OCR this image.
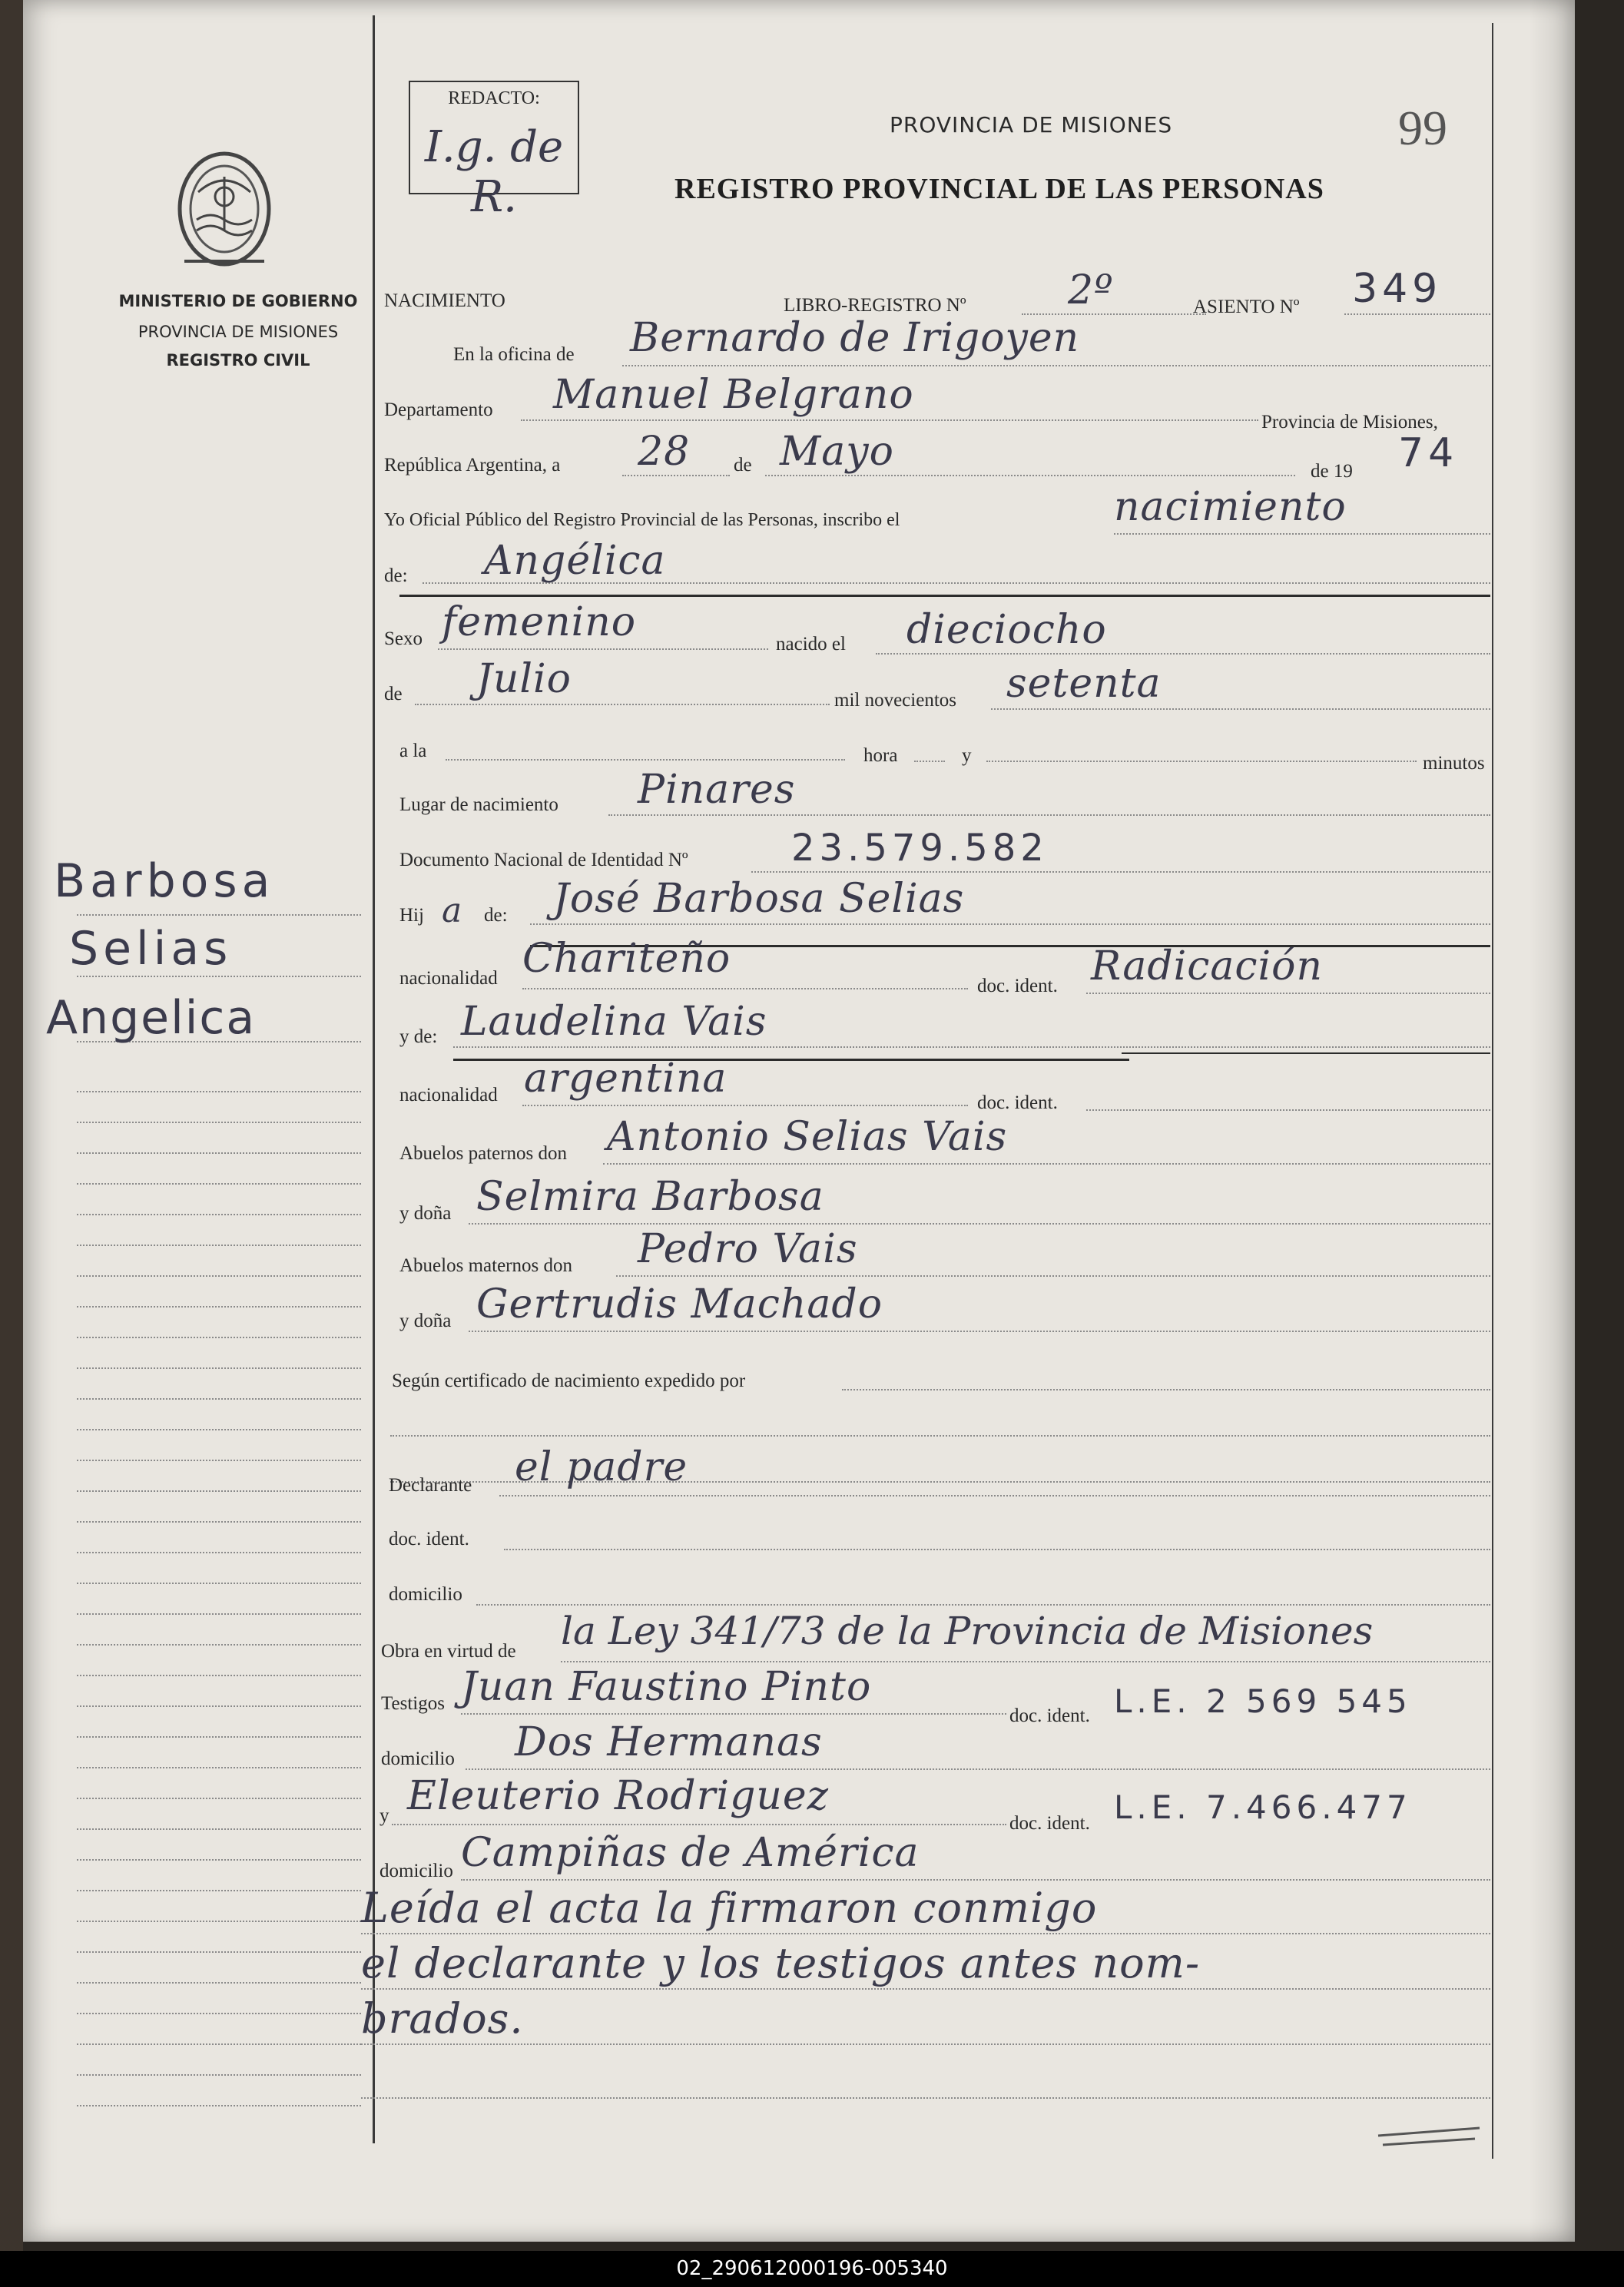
MINISTERIO DE GOBIERNO
PROVINCIA DE MISIONES
REGISTRO CIVIL
REDACTO:
I.g. de R.
PROVINCIA DE MISIONES
REGISTRO PROVINCIAL DE LAS PERSONAS
99
Barbosa
Selias
Angelica
NACIMIENTO	LIBRO-REGISTRO Nº	2º	ASIENTO Nº 349
En la oficina de Bernardo de Irigoyen
Departamento Manuel Belgrano
Provincia de Misiones,
República Argentina, a 28 de Mayo	de 19 74
Yo Oficial Público del Registro Provincial de las Personas, inscribo el	nacimiento
de: Angélica
Sexo femenino	nacido el dieciocho
de Julio	mil novecientos setenta
a la	hora	y	minutos
Lugar de nacimiento Pinares
Documento Nacional de Identidad Nº	23.579.582
Hij a de: José Barbosa Selias
nacionalidad Chariteño
doc. ident. Radicación
y de: Laudelina Vais
nacionalidad argentina
doc. ident.
Abuelos paternos don Antonio Selias Vais
y doña Selmira Barbosa
Abuelos maternos don Pedro Vais
y doña Gertrudis Machado
Según certificado de nacimiento expedido por
Declarante el padre
doc. ident.
domicilio
Obra en virtud de la Ley 341/73 de la Provincia de Misiones
Testigos Juan Faustino Pinto
doc. ident. L.E. 2 569 545
domicilio Dos Hermanas
y Eleuterio Rodriguez
doc. ident. L.E. 7.466.477
domicilio Campiñas de América
Leída el acta la firmaron conmigo
el declarante y los testigos antes nom-
brados.
02_290612000196-005340
